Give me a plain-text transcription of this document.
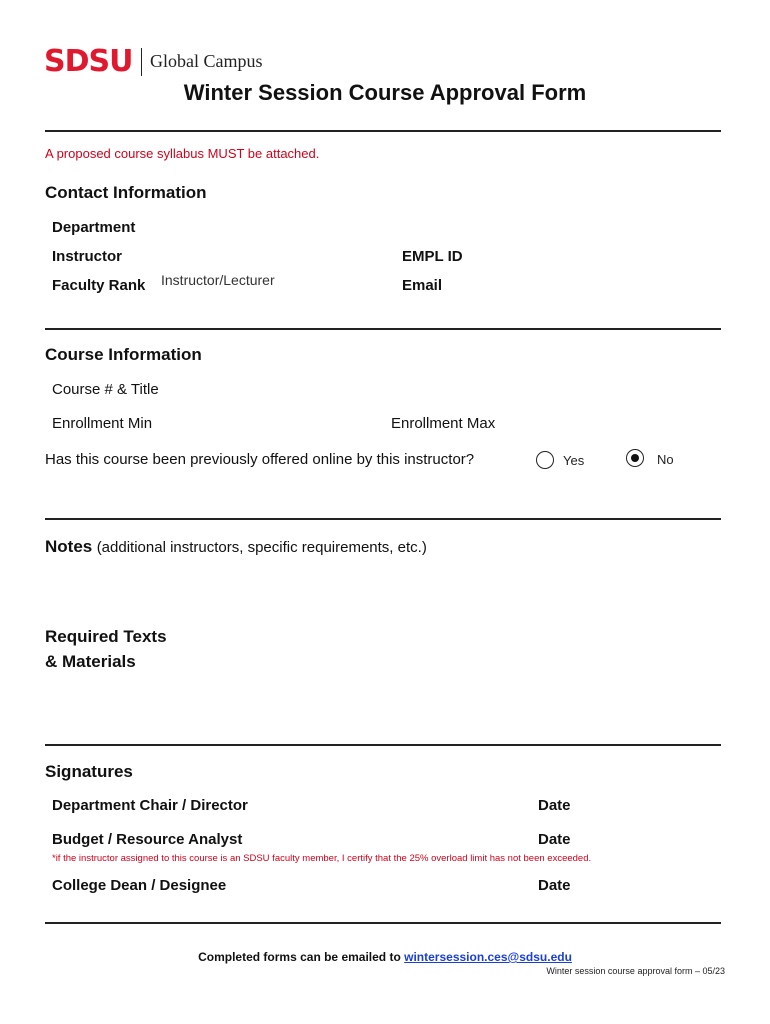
SDSU Global Campus
Winter Session Course Approval Form
A proposed course syllabus MUST be attached.
Contact Information
Department
Instructor	EMPL ID
Faculty Rank Instructor/Lecturer	Email
Course Information
Course # & Title
Enrollment Min	Enrollment Max
Has this course been previously offered online by this instructor?	Yes	No
Notes (additional instructors, specific requirements, etc.)
Required Texts
& Materials
Signatures
Department Chair / Director	Date
Budget / Resource Analyst	Date
*if the instructor assigned to this course is an SDSU faculty member, I certify that the 25% overload limit has not been exceeded.
College Dean / Designee	Date
Completed forms can be emailed to wintersession.ces@sdsu.edu
Winter session course approval form – 05/23
